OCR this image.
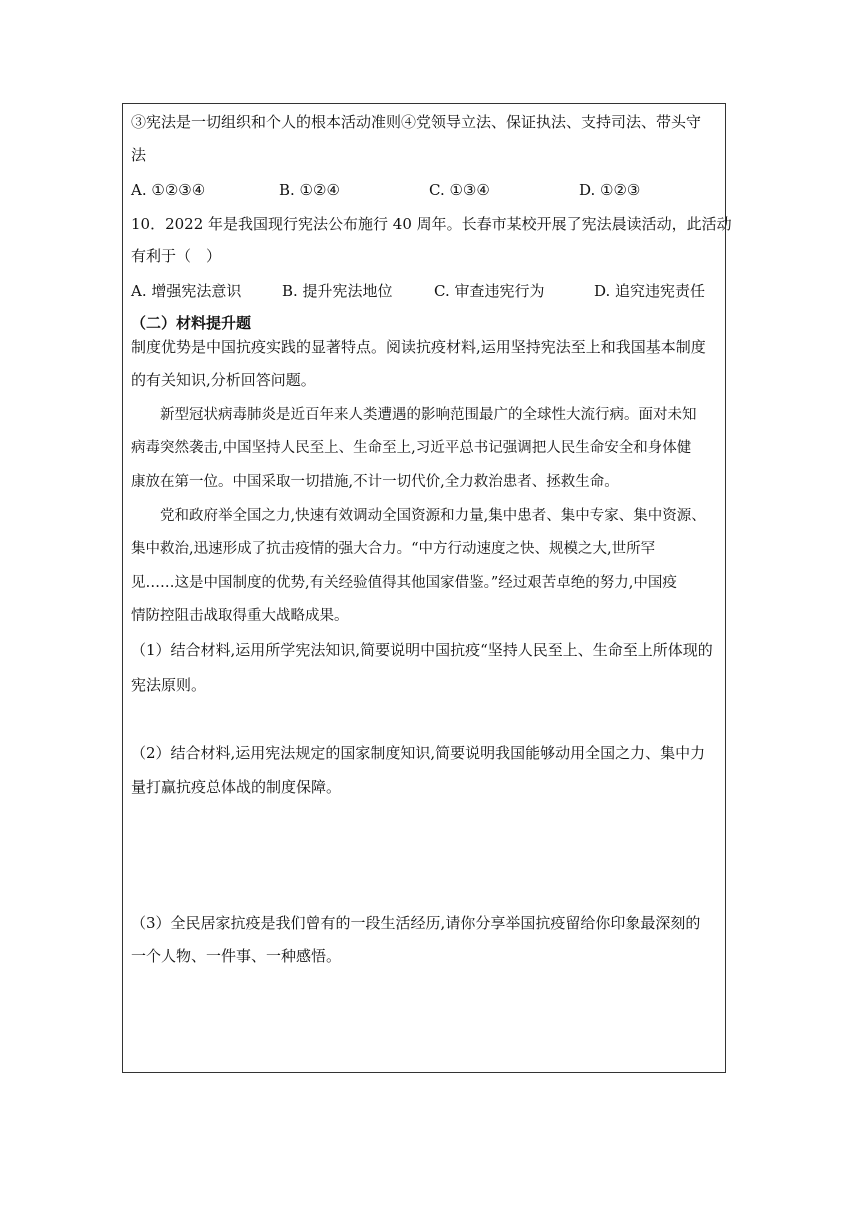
③宪法是一切组织和个人的根本活动准则④党领导立法、保证执法、支持司法、带头守
法
A. ①②③④	B. ①②④	C. ①③④	D. ①②③
10．2022 年是我国现行宪法公布施行 40 周年。长春市某校开展了宪法晨读活动，此活动
有利于（　）
A. 增强宪法意识	B. 提升宪法地位	C. 审查违宪行为	D. 追究违宪责任
（二）材料提升题
制度优势是中国抗疫实践的显著特点。阅读抗疫材料,运用坚持宪法至上和我国基本制度
的有关知识,分析回答问题。
新型冠状病毒肺炎是近百年来人类遭遇的影响范围最广的全球性大流行病。面对未知
病毒突然袭击,中国坚持人民至上、生命至上,习近平总书记强调把人民生命安全和身体健
康放在第一位。中国采取一切措施,不计一切代价,全力救治患者、拯救生命。
党和政府举全国之力,快速有效调动全国资源和力量,集中患者、集中专家、集中资源、
集中救治,迅速形成了抗击疫情的强大合力。“中方行动速度之快、规模之大,世所罕
见……这是中国制度的优势,有关经验值得其他国家借鉴。”经过艰苦卓绝的努力,中国疫
情防控阻击战取得重大战略成果。
（1）结合材料,运用所学宪法知识,简要说明中国抗疫“坚持人民至上、生命至上所体现的
宪法原则。
（2）结合材料,运用宪法规定的国家制度知识,简要说明我国能够动用全国之力、集中力
量打赢抗疫总体战的制度保障。
（3）全民居家抗疫是我们曾有的一段生活经历,请你分享举国抗疫留给你印象最深刻的
一个人物、一件事、一种感悟。
